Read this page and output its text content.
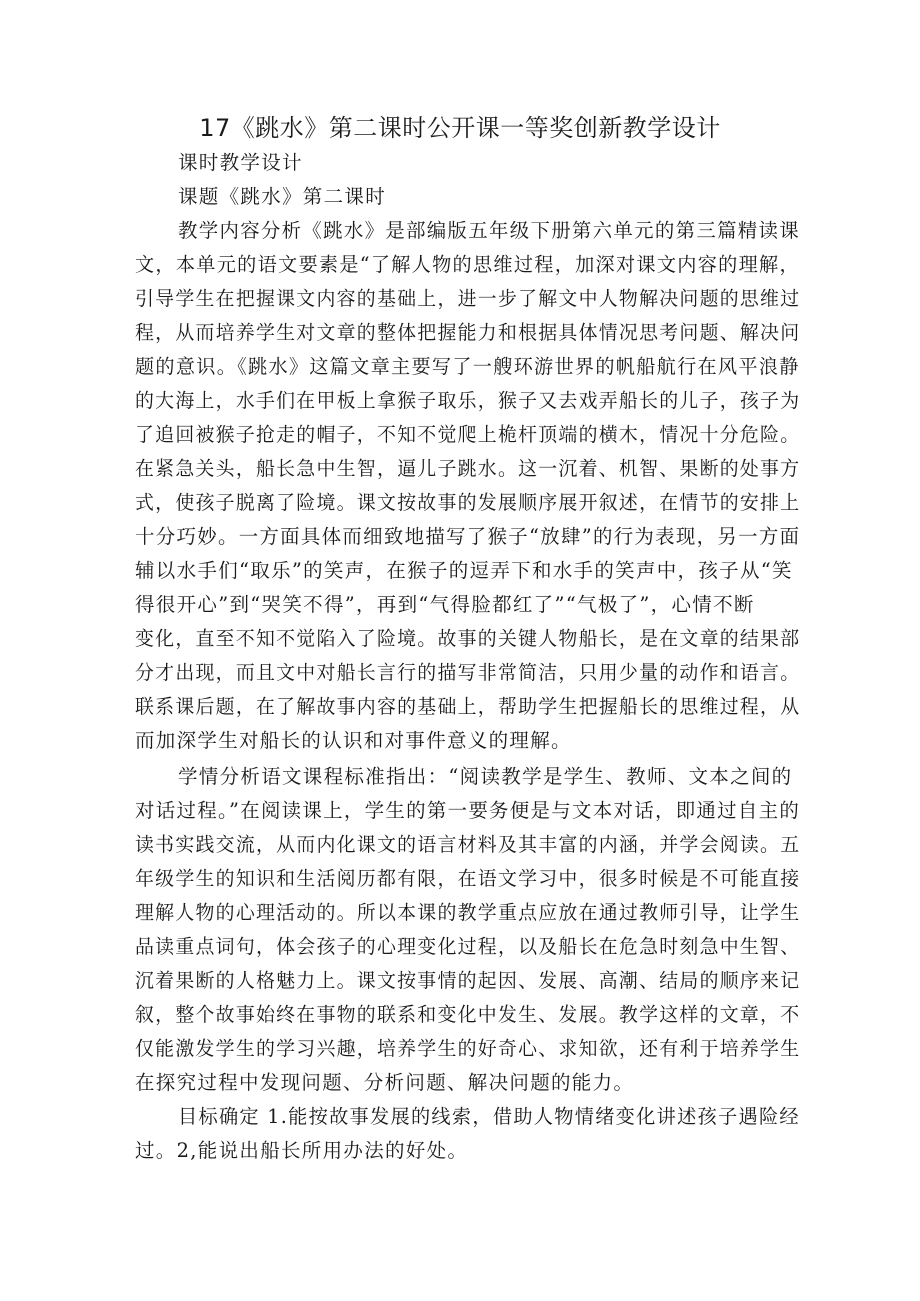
17《跳水》第二课时公开课一等奖创新教学设计
课时教学设计
课题《跳水》第二课时
教学内容分析《跳水》是部编版五年级下册第六单元的第三篇精读课
文，本单元的语文要素是“了解人物的思维过程，加深对课文内容的理解，
引导学生在把握课文内容的基础上，进一步了解文中人物解决问题的思维过
程，从而培养学生对文章的整体把握能力和根据具体情况思考问题、解决问
题的意识。《跳水》这篇文章主要写了一艘环游世界的帆船航行在风平浪静
的大海上，水手们在甲板上拿猴子取乐，猴子又去戏弄船长的儿子，孩子为
了追回被猴子抢走的帽子，不知不觉爬上桅杆顶端的横木，情况十分危险。
在紧急关头，船长急中生智，逼儿子跳水。这一沉着、机智、果断的处事方
式，使孩子脱离了险境。课文按故事的发展顺序展开叙述，在情节的安排上
十分巧妙。一方面具体而细致地描写了猴子“放肆”的行为表现，另一方面
辅以水手们“取乐”的笑声，在猴子的逗弄下和水手的笑声中，孩子从“笑
得很开心”到“哭笑不得”，再到“气得脸都红了”“气极了”，心情不断
变化，直至不知不觉陷入了险境。故事的关键人物船长，是在文章的结果部
分才出现，而且文中对船长言行的描写非常简洁，只用少量的动作和语言。
联系课后题，在了解故事内容的基础上，帮助学生把握船长的思维过程，从
而加深学生对船长的认识和对事件意义的理解。
学情分析语文课程标准指出：“阅读教学是学生、教师、文本之间的
对话过程。”在阅读课上，学生的第一要务便是与文本对话，即通过自主的
读书实践交流，从而内化课文的语言材料及其丰富的内涵，并学会阅读。五
年级学生的知识和生活阅历都有限，在语文学习中，很多时候是不可能直接
理解人物的心理活动的。所以本课的教学重点应放在通过教师引导，让学生
品读重点词句，体会孩子的心理变化过程，以及船长在危急时刻急中生智、
沉着果断的人格魅力上。课文按事情的起因、发展、高潮、结局的顺序来记
叙，整个故事始终在事物的联系和变化中发生、发展。教学这样的文章，不
仅能激发学生的学习兴趣，培养学生的好奇心、求知欲，还有利于培养学生
在探究过程中发现问题、分析问题、解决问题的能力。
目标确定 1.能按故事发展的线索，借助人物情绪变化讲述孩子遇险经
过。2,能说出船长所用办法的好处。
